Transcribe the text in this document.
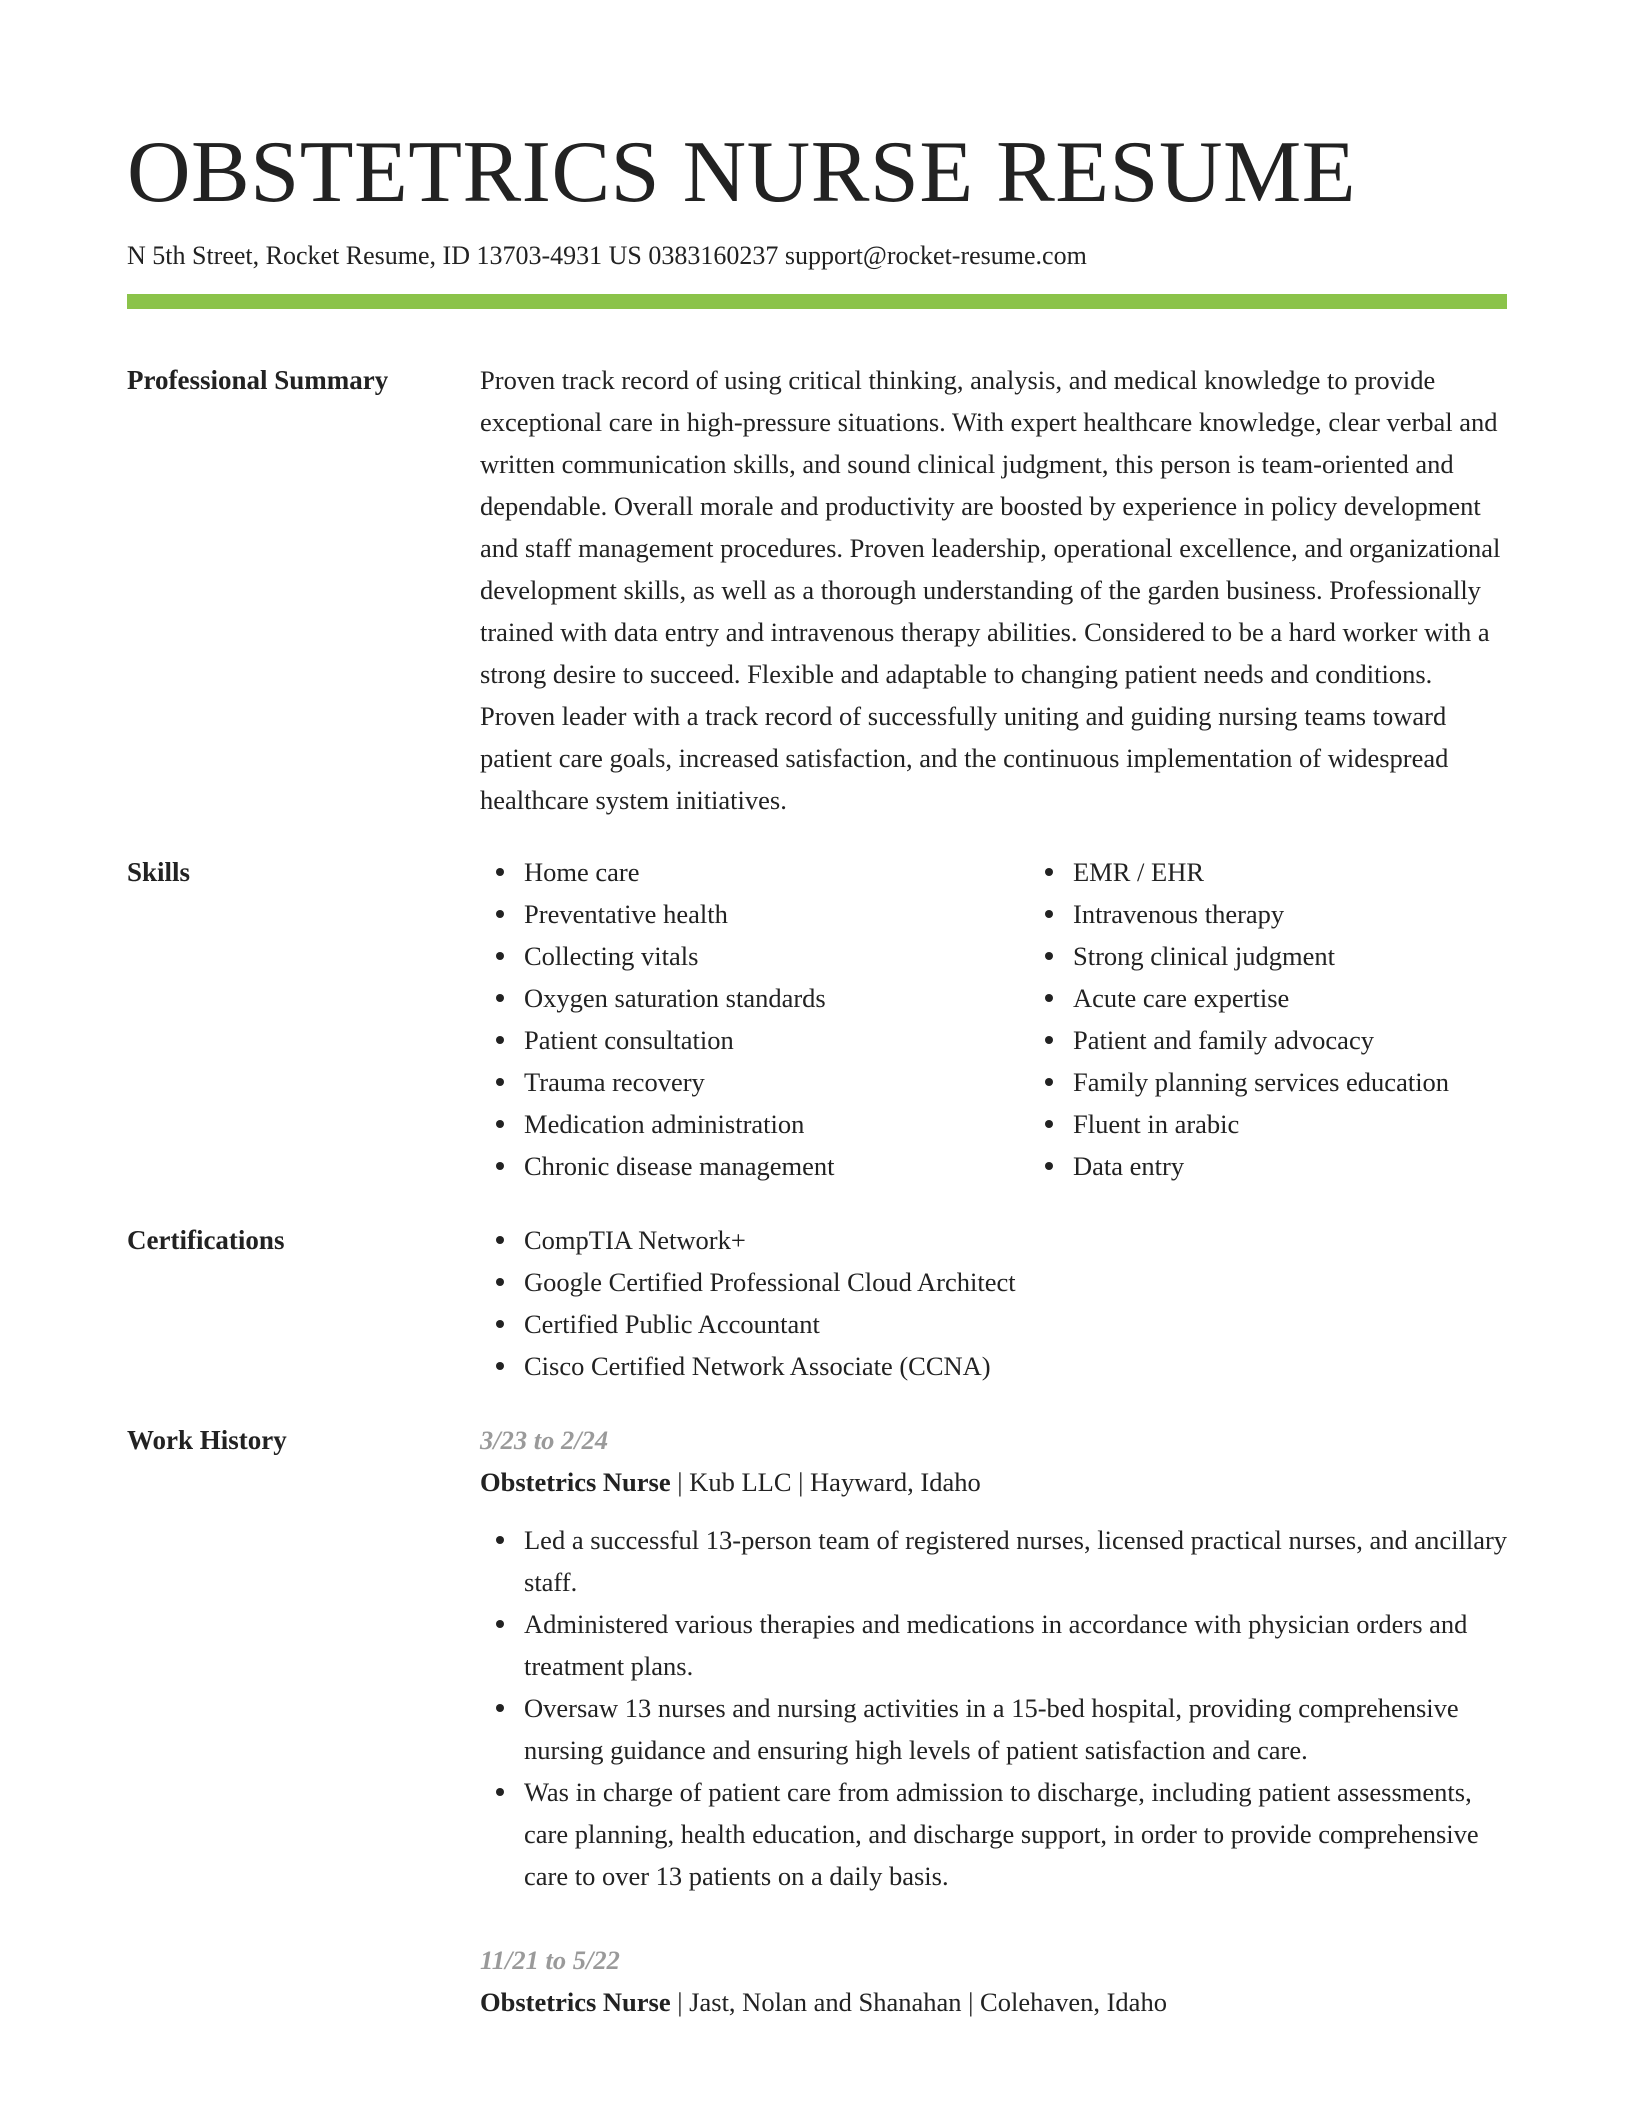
OBSTETRICS NURSE RESUME
N 5th Street, Rocket Resume, ID 13703-4931 US 0383160237 support@rocket-resume.com
Professional Summary	Proven track record of using critical thinking, analysis, and medical knowledge to provide exceptional care in high-pressure situations. With expert healthcare knowledge, clear verbal and written communication skills, and sound clinical judgment, this person is team-oriented and dependable. Overall morale and productivity are boosted by experience in policy development and staff management procedures. Proven leadership, operational excellence, and organizational development skills, as well as a thorough understanding of the garden business. Professionally trained with data entry and intravenous therapy abilities. Considered to be a hard worker with a strong desire to succeed. Flexible and adaptable to changing patient needs and conditions. Proven leader with a track record of successfully uniting and guiding nursing teams toward patient care goals, increased satisfaction, and the continuous implementation of widespread healthcare system initiatives.

Skills	Home care
Preventative health
Collecting vitals
Oxygen saturation standards
Patient consultation
Trauma recovery
Medication administration
Chronic disease management
EMR / EHR
Intravenous therapy
Strong clinical judgment
Acute care expertise
Patient and family advocacy
Family planning services education
Fluent in arabic
Data entry
Certifications	CompTIA Network+
Google Certified Professional Cloud Architect
Certified Public Accountant
Cisco Certified Network Associate (CCNA)
Work History	3/23 to 2/24
Obstetrics Nurse | Kub LLC | Hayward, Idaho
Led a successful 13-person team of registered nurses, licensed practical nurses, and ancillary staff.
Administered various therapies and medications in accordance with physician orders and treatment plans.
Oversaw 13 nurses and nursing activities in a 15-bed hospital, providing comprehensive nursing guidance and ensuring high levels of patient satisfaction and care.
Was in charge of patient care from admission to discharge, including patient assessments, care planning, health education, and discharge support, in order to provide comprehensive care to over 13 patients on a daily basis.
11/21 to 5/22
Obstetrics Nurse | Jast, Nolan and Shanahan | Colehaven, Idaho
